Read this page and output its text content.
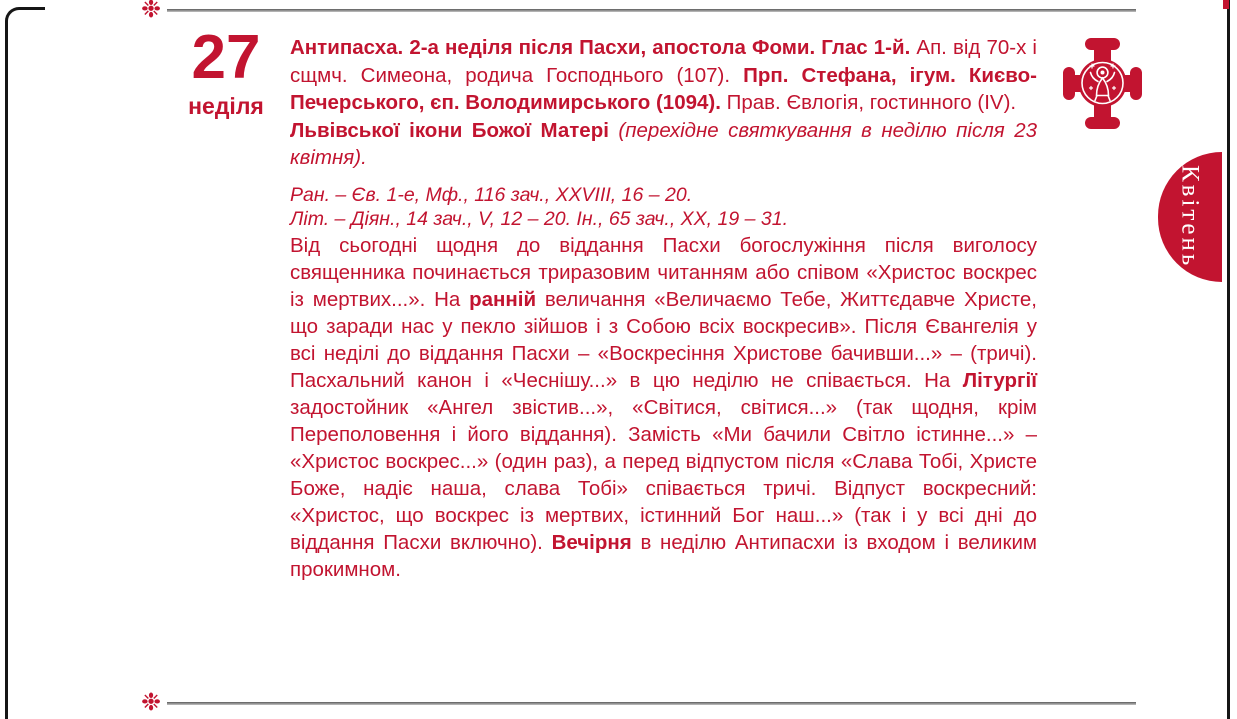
❉
27
неділя

Антипасха. 2-а неділя після Пасхи, апостола Фоми. Глас 1-й. Ап. від 70-х і сщмч. Симеона, родича Господнього (107). Прп. Стефана, ігум. Києво-Печерського, єп. Володимирського (1094). Прав. Євлогія, гостинного (IV).

Львівської ікони Божої Матері (перехідне святкування в неділю після 23 квітня).

Ран. – Єв. 1-е, Мф., 116 зач., XXVIII, 16 – 20.

Літ. – Діян., 14 зач., V, 12 – 20. Ін., 65 зач., XX, 19 – 31.

Від сьогодні щодня до віддання Пасхи богослужіння після виголосу священника починається триразовим читанням або співом «Христос воскрес із мертвих...». На ранній величання «Величаємо Тебе, Життєдавче Христе, що заради нас у пекло зійшов і з Собою всіх воскресив». Після Євангелія у всі неділі до віддання Пасхи – «Воскресіння Христове бачивши...» – (тричі). Пасхальний канон і «Чеснішу...» в цю неділю не співається. На Літургії задостойник «Ангел звістив...», «Світися, світися...» (так щодня, крім Переполовення і його віддання). Замість «Ми бачили Світло істинне...» – «Христос воскрес...» (один раз), а перед відпустом після «Слава Тобі, Христе Боже, надіє наша, слава Тобі» співається тричі. Відпуст воскресний: «Христос, що воскрес із мертвих, істинний Бог наш...» (так і у всі дні до віддання Пасхи включно). Вечірня в неділю Антипасхи із входом і великим прокимном.

Квітень
❉
